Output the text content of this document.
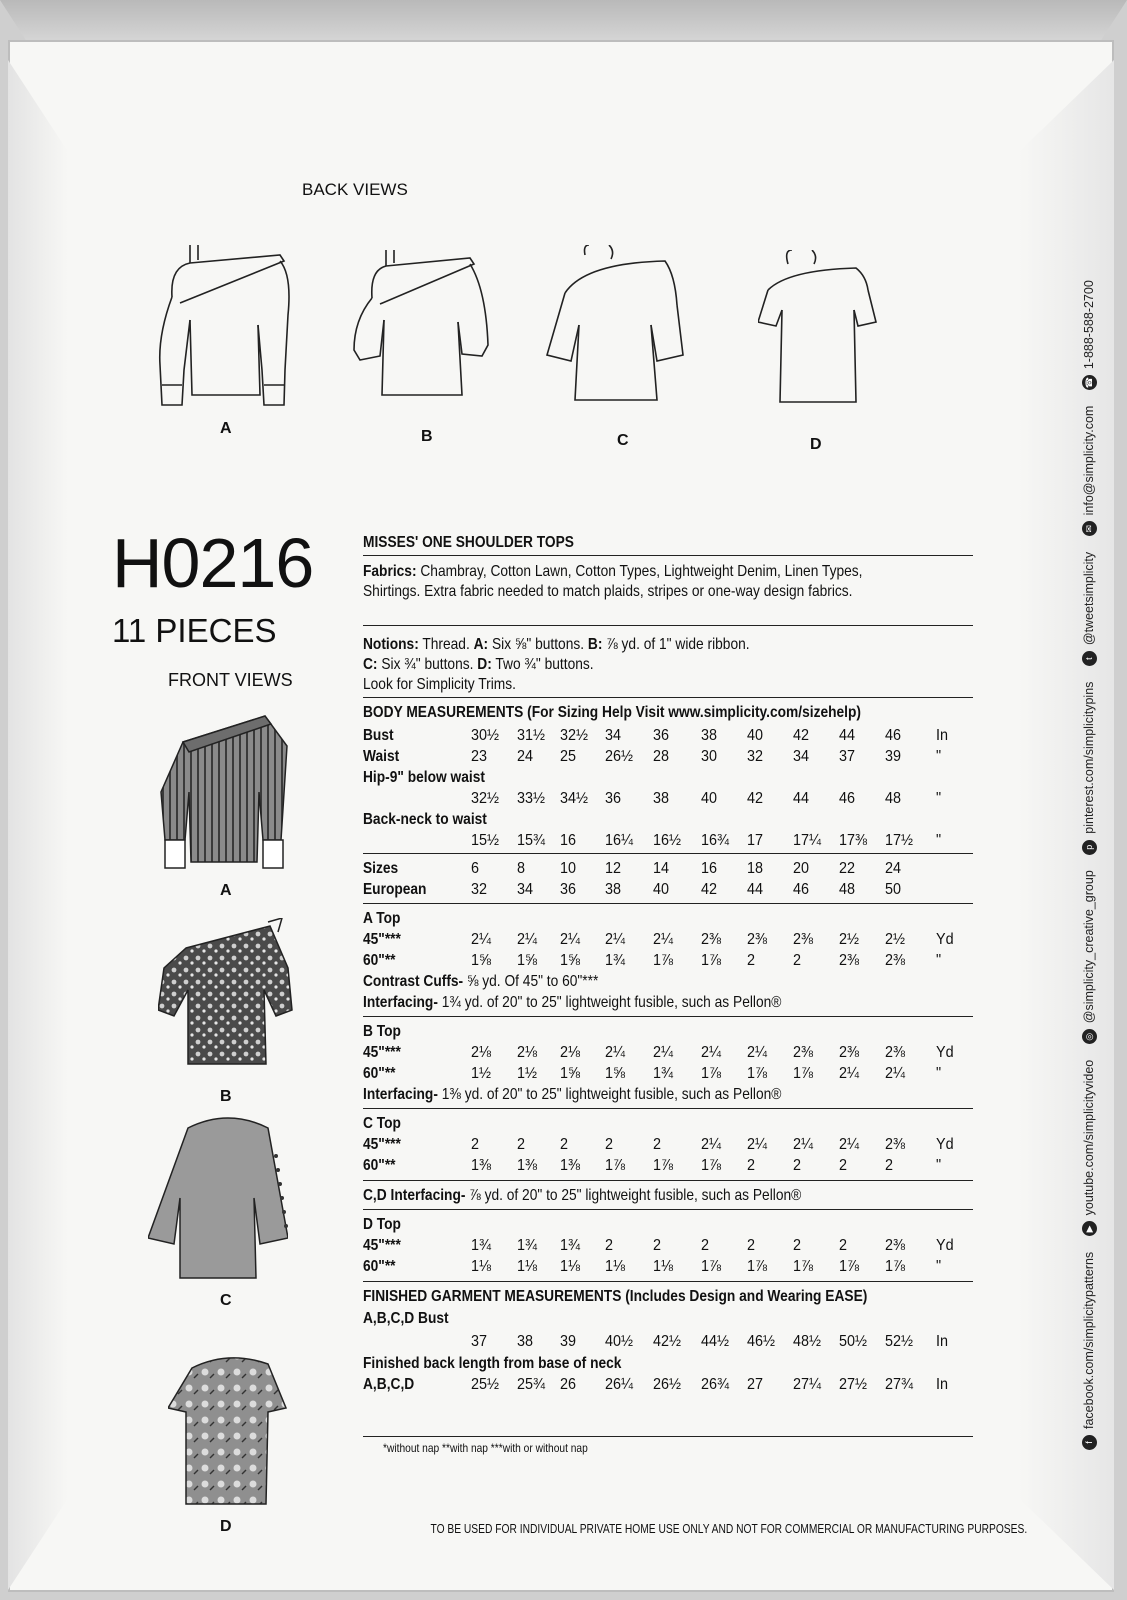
BACK VIEWS
A	B	C	D
H0216
11 PIECES
FRONT VIEWS
A
B
C
D
MISSES' ONE SHOULDER TOPS
Fabrics: Chambray, Cotton Lawn, Cotton Types, Lightweight Denim, Linen Types,
Shirtings. Extra fabric needed to match plaids, stripes or one-way design fabrics.
Notions: Thread. A: Six ⅝" buttons. B: ⅞ yd. of 1" wide ribbon.
C: Six ¾" buttons. D: Two ¾" buttons.
Look for Simplicity Trims.
BODY MEASUREMENTS (For Sizing Help Visit www.simplicity.com/sizehelp)
Bust	30½	31½ 32½	34	36	38	40	42	44	46	In
Waist	23	24	25	26½	28	30	32	34	37	39	"
Hip-9" below waist
32½	33½ 34½	36	38	40	42	44	46	48	"
Back-neck to waist
15½	15¾ 16	16¼	16½	16¾	17	17¼	17⅜	17½	"
Sizes	6	8	10	12	14	16	18	20	22	24
European	32	34	36	38	40	42	44	46	48	50
A Top
45"***	2¼	2¼	2¼	2¼	2¼	2⅜	2⅜	2⅜	2½	2½	Yd
60"**	1⅝	1⅝	1⅝	1¾	1⅞	1⅞	2	2	2⅜	2⅜	"
Contrast Cuffs- ⅝ yd. Of 45" to 60"***
Interfacing- 1¾ yd. of 20" to 25" lightweight fusible, such as Pellon®
B Top
45"***	2⅛	2⅛	2⅛	2¼	2¼	2¼	2¼	2⅜	2⅜	2⅜	Yd
60"**	1½	1½	1⅝	1⅝	1¾	1⅞	1⅞	1⅞	2¼	2¼	"
Interfacing- 1⅜ yd. of 20" to 25" lightweight fusible, such as Pellon®
C Top
45"***	2	2	2	2	2	2¼	2¼	2¼	2¼	2⅜	Yd
60"**	1⅜	1⅜	1⅜	1⅞	1⅞	1⅞	2	2	2	2	"
C,D Interfacing- ⅞ yd. of 20" to 25" lightweight fusible, such as Pellon®
D Top
45"***	1¾	1¾	1¾	2	2	2	2	2	2	2⅜	Yd
60"**	1⅛	1⅛	1⅛	1⅛	1⅛	1⅞	1⅞	1⅞	1⅞	1⅞	"
FINISHED GARMENT MEASUREMENTS (Includes Design and Wearing EASE)
A,B,C,D Bust
37	38	39	40½	42½	44½	46½	48½	50½	52½	In
Finished back length from base of neck
A,B,C,D	25½	25¾ 26	26¼	26½	26¾	27	27¼	27½	27¾	In
*without nap **with nap ***with or without nap
TO BE USED FOR INDIVIDUAL PRIVATE HOME USE ONLY AND NOT FOR COMMERCIAL OR MANUFACTURING PURPOSES.
ffacebook.com/simplicitypatterns ▶youtube.com/simplicityvideo ◎@simplicity_creative_group ppinterest.com/simplicitypins t@tweetsimplicity ✉info@simplicity.com ☎1-888-588-2700
